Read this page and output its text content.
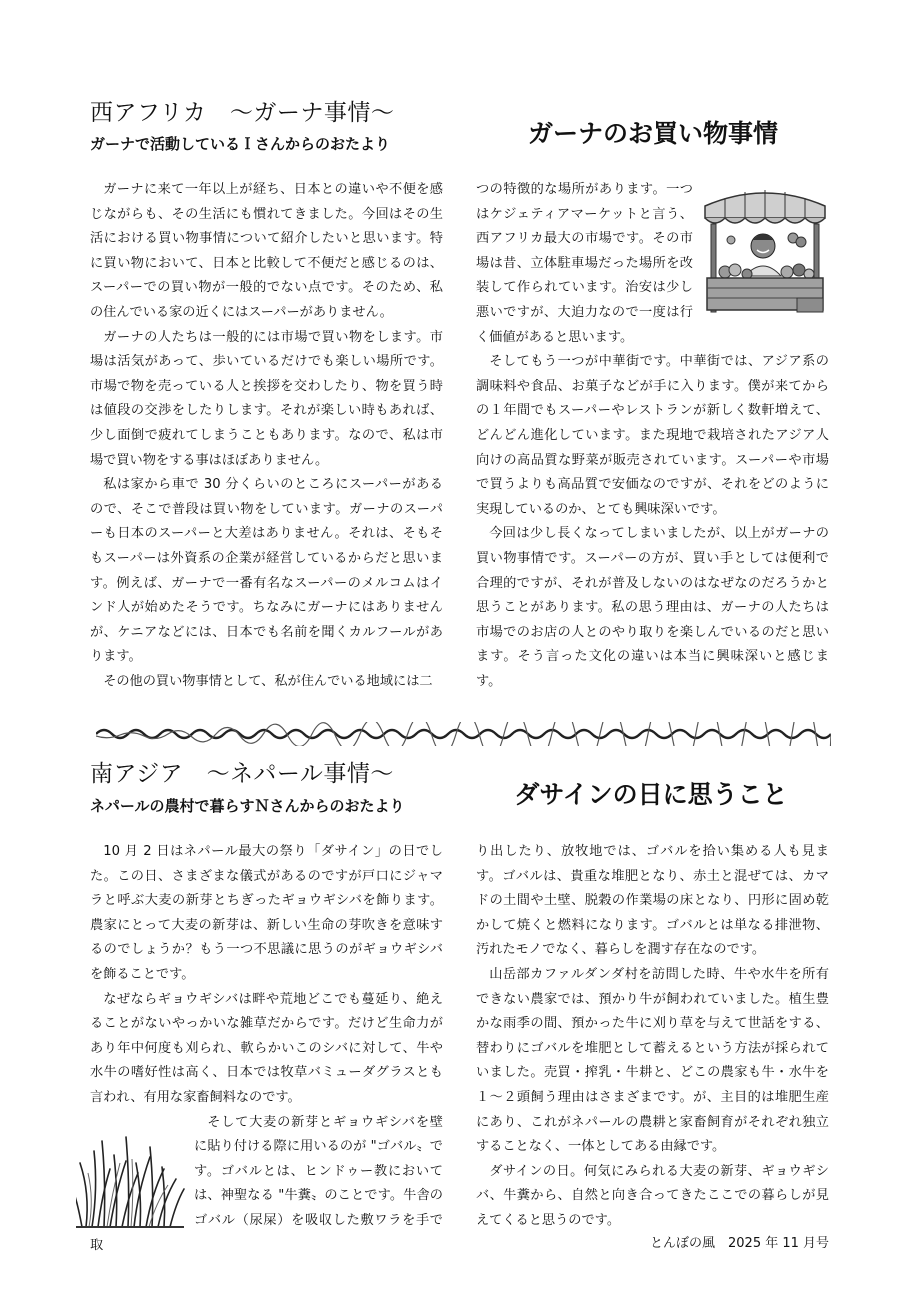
西アフリカ　～ガーナ事情～
ガーナで活動しているＩさんからのおたより	ガーナのお買い物事情

ガーナに来て一年以上が経ち、日本との違いや不便を感じながらも、その生活にも慣れてきました。今回はその生活における買い物事情について紹介したいと思います。特に買い物において、日本と比較して不便だと感じるのは、スーパーでの買い物が一般的でない点です。そのため、私の住んでいる家の近くにはスーパーがありません。

ガーナの人たちは一般的には市場で買い物をします。市場は活気があって、歩いているだけでも楽しい場所です。市場で物を売っている人と挨拶を交わしたり、物を買う時は値段の交渉をしたりします。それが楽しい時もあれば、少し面倒で疲れてしまうこともあります。なので、私は市場で買い物をする事はほぼありません。

私は家から車で 30 分くらいのところにスーパーがあるので、そこで普段は買い物をしています。ガーナのスーパーも日本のスーパーと大差はありません。それは、そもそもスーパーは外資系の企業が経営しているからだと思います。例えば、ガーナで一番有名なスーパーのメルコムはインド人が始めたそうです。ちなみにガーナにはありませんが、ケニアなどには、日本でも名前を聞くカルフールがあります。

その他の買い物事情として、私が住んでいる地域には二

つの特徴的な場所があります。一つはケジェティアマーケットと言う、西アフリカ最大の市場です。その市場は昔、立体駐車場だった場所を改装して作られています。治安は少し悪いですが、大迫力なので一度は行く価値があると思います。

そしてもう一つが中華街です。中華街では、アジア系の調味料や食品、お菓子などが手に入ります。僕が来てからの１年間でもスーパーやレストランが新しく数軒増えて、どんどん進化しています。また現地で栽培されたアジア人向けの高品質な野菜が販売されています。スーパーや市場で買うよりも高品質で安価なのですが、それをどのように実現しているのか、とても興味深いです。

今回は少し長くなってしまいましたが、以上がガーナの買い物事情です。スーパーの方が、買い手としては便利で合理的ですが、それが普及しないのはなぜなのだろうかと思うことがあります。私の思う理由は、ガーナの人たちは市場でのお店の人とのやり取りを楽しんでいるのだと思います。そう言った文化の違いは本当に興味深いと感じます。

南アジア　～ネパール事情～
ネパールの農村で暮らすＮさんからのおたより	ダサインの日に思うこと

10 月 2 日はネパール最大の祭り「ダサイン」の日でした。この日、さまざまな儀式があるのですが戸口にジャマラと呼ぶ大麦の新芽とちぎったギョウギシバを飾ります。農家にとって大麦の新芽は、新しい生命の芽吹きを意味するのでしょうか？もう一つ不思議に思うのがギョウギシバを飾ることです。

なぜならギョウギシバは畔や荒地どこでも蔓延り、絶えることがないやっかいな雑草だからです。だけど生命力があり年中何度も刈られ、軟らかいこのシバに対して、牛や水牛の嗜好性は高く、日本では牧草バミューダグラスとも言われ、有用な家畜飼料なのです。

そして大麦の新芽とギョウギシバを壁に貼り付ける際に用いるのが "ゴバル〟です。ゴバルとは、ヒンドゥー教においては、神聖なる "牛糞〟のことです。牛舎のゴバル（尿屎）を吸収した敷ワラを手で取

り出したり、放牧地では、ゴバルを拾い集める人も見ます。ゴバルは、貴重な堆肥となり、赤土と混ぜては、カマドの土間や土壁、脱穀の作業場の床となり、円形に固め乾かして焼くと燃料になります。ゴバルとは単なる排泄物、汚れたモノでなく、暮らしを潤す存在なのです。

山岳部カファルダンダ村を訪問した時、牛や水牛を所有できない農家では、預かり牛が飼われていました。植生豊かな雨季の間、預かった牛に刈り草を与えて世話をする、替わりにゴバルを堆肥として蓄えるという方法が採られていました。売買・搾乳・牛耕と、どこの農家も牛・水牛を１～２頭飼う理由はさまざまです。が、主目的は堆肥生産にあり、これがネパールの農耕と家畜飼育がそれぞれ独立することなく、一体としてある由縁です。

ダサインの日。何気にみられる大麦の新芽、ギョウギシバ、牛糞から、自然と向き合ってきたここでの暮らしが見えてくると思うのです。

とんぼの風　2025 年 11 月号
